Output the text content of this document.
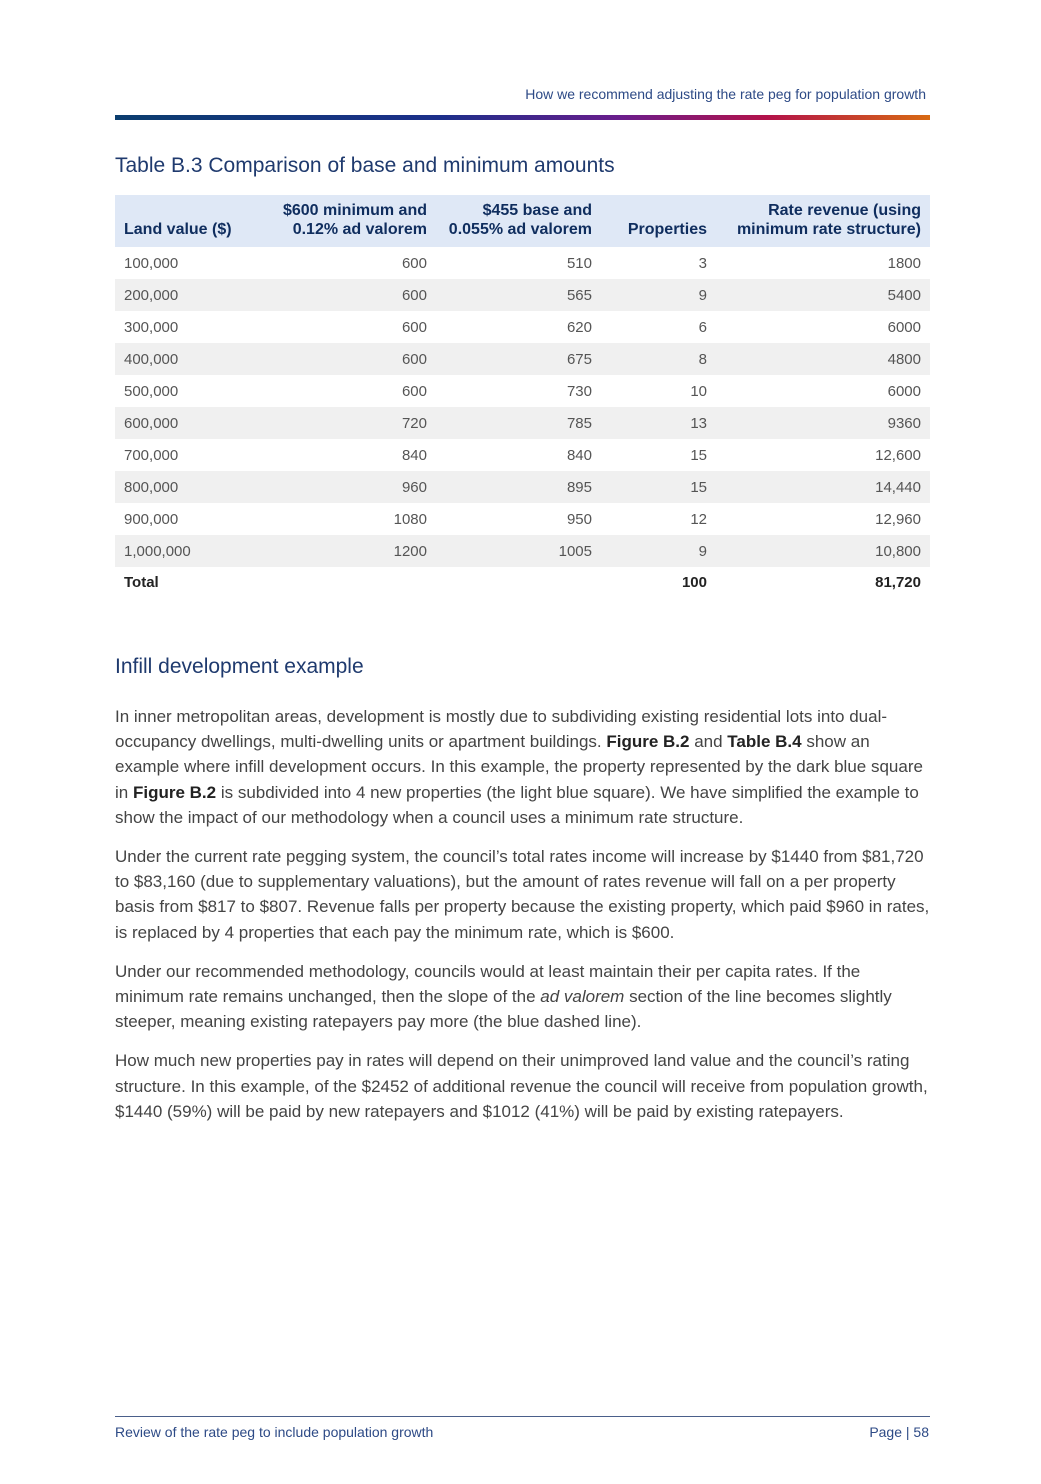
How we recommend adjusting the rate peg for population growth
Table B.3 Comparison of base and minimum amounts
Land value ($)	$600 minimum and 0.12% ad valorem	$455 base and 0.055% ad valorem	Properties	Rate revenue (using minimum rate structure)
100,000	600	510	3	1800
200,000	600	565	9	5400
300,000	600	620	6	6000
400,000	600	675	8	4800
500,000	600	730	10	6000
600,000	720	785	13	9360
700,000	840	840	15	12,600
800,000	960	895	15	14,440
900,000	1080	950	12	12,960
1,000,000	1200	1005	9	10,800
Total			100	81,720
Infill development example

In inner metropolitan areas, development is mostly due to subdividing existing residential lots into dual-occupancy dwellings, multi-dwelling units or apartment buildings. Figure B.2 and Table B.4 show an example where infill development occurs. In this example, the property represented by the dark blue square in Figure B.2 is subdivided into 4 new properties (the light blue square). We have simplified the example to show the impact of our methodology when a council uses a minimum rate structure.

Under the current rate pegging system, the council’s total rates income will increase by $1440 from $81,720 to $83,160 (due to supplementary valuations), but the amount of rates revenue will fall on a per property basis from $817 to $807. Revenue falls per property because the existing property, which paid $960 in rates, is replaced by 4 properties that each pay the minimum rate, which is $600.

Under our recommended methodology, councils would at least maintain their per capita rates. If the minimum rate remains unchanged, then the slope of the ad valorem section of the line becomes slightly steeper, meaning existing ratepayers pay more (the blue dashed line).

How much new properties pay in rates will depend on their unimproved land value and the council’s rating structure. In this example, of the $2452 of additional revenue the council will receive from population growth, $1440 (59%) will be paid by new ratepayers and $1012 (41%) will be paid by existing ratepayers.

Review of the rate peg to include population growth	Page | 58
